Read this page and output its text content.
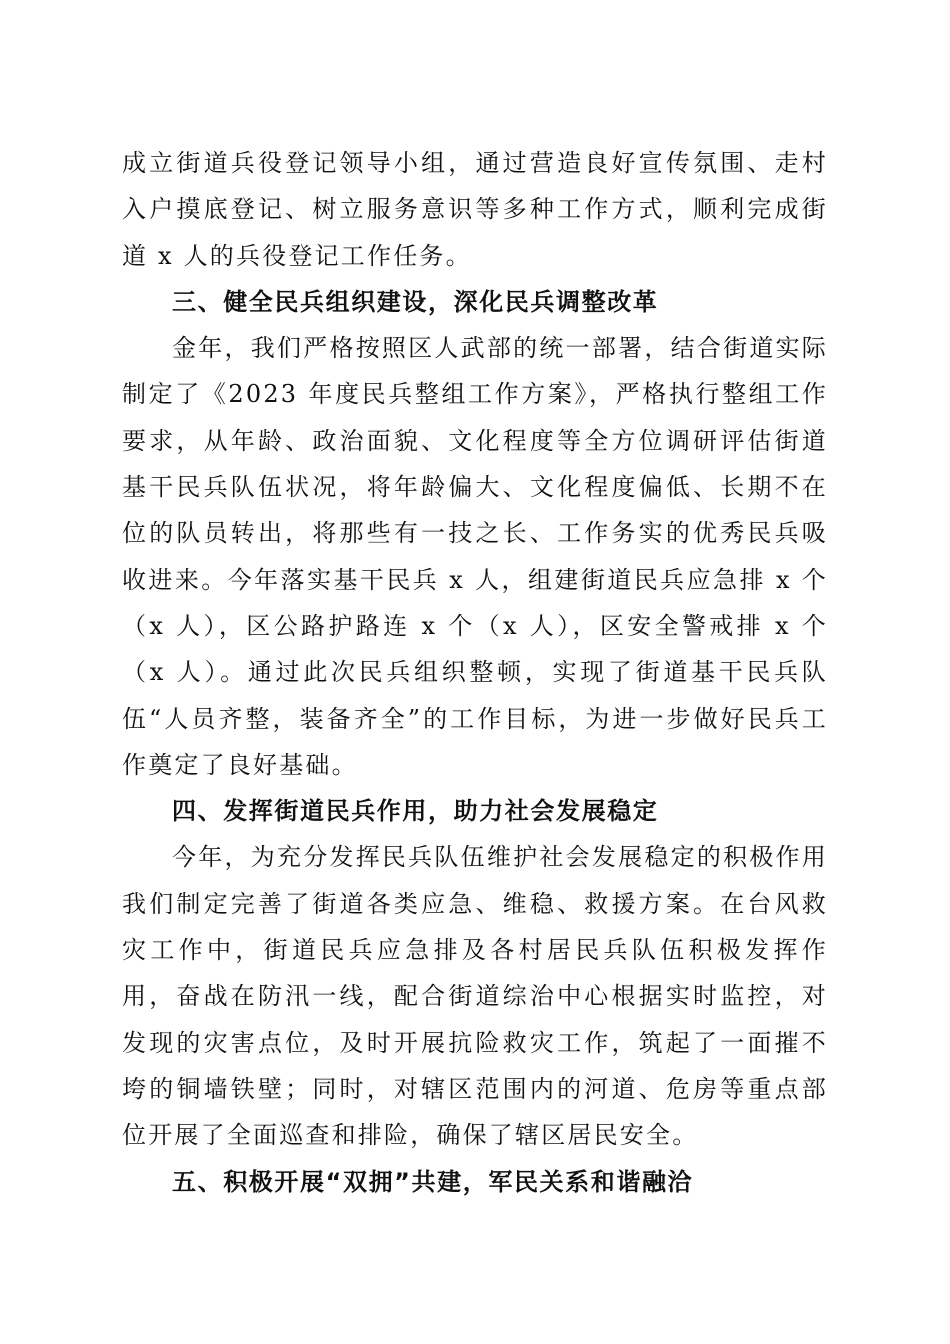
成立街道兵役登记领导小组，通过营造良好宣传氛围、走村入户摸底登记、树立服务意识等多种工作方式，顺利完成街道 x 人的兵役登记工作任务。

三、健全民兵组织建设，深化民兵调整改革

金年，我们严格按照区人武部的统一部署，结合街道实际制定了《2023 年度民兵整组工作方案》，严格执行整组工作要求，从年龄、政治面貌、文化程度等全方位调研评估街道基干民兵队伍状况，将年龄偏大、文化程度偏低、长期不在位的队员转出，将那些有一技之长、工作务实的优秀民兵吸收进来。今年落实基干民兵 x 人，组建街道民兵应急排 x 个（x 人），区公路护路连 x 个（x 人），区安全警戒排 x 个（x 人）。通过此次民兵组织整顿，实现了街道基干民兵队伍“人员齐整，装备齐全”的工作目标，为进一步做好民兵工作奠定了良好基础。

四、发挥街道民兵作用，助力社会发展稳定

今年，为充分发挥民兵队伍维护社会发展稳定的积极作用我们制定完善了街道各类应急、维稳、救援方案。在台风救灾工作中，街道民兵应急排及各村居民兵队伍积极发挥作用，奋战在防汛一线，配合街道综治中心根据实时监控，对发现的灾害点位，及时开展抗险救灾工作，筑起了一面摧不垮的铜墙铁壁；同时，对辖区范围内的河道、危房等重点部位开展了全面巡查和排险，确保了辖区居民安全。

五、积极开展“双拥”共建，军民关系和谐融洽
